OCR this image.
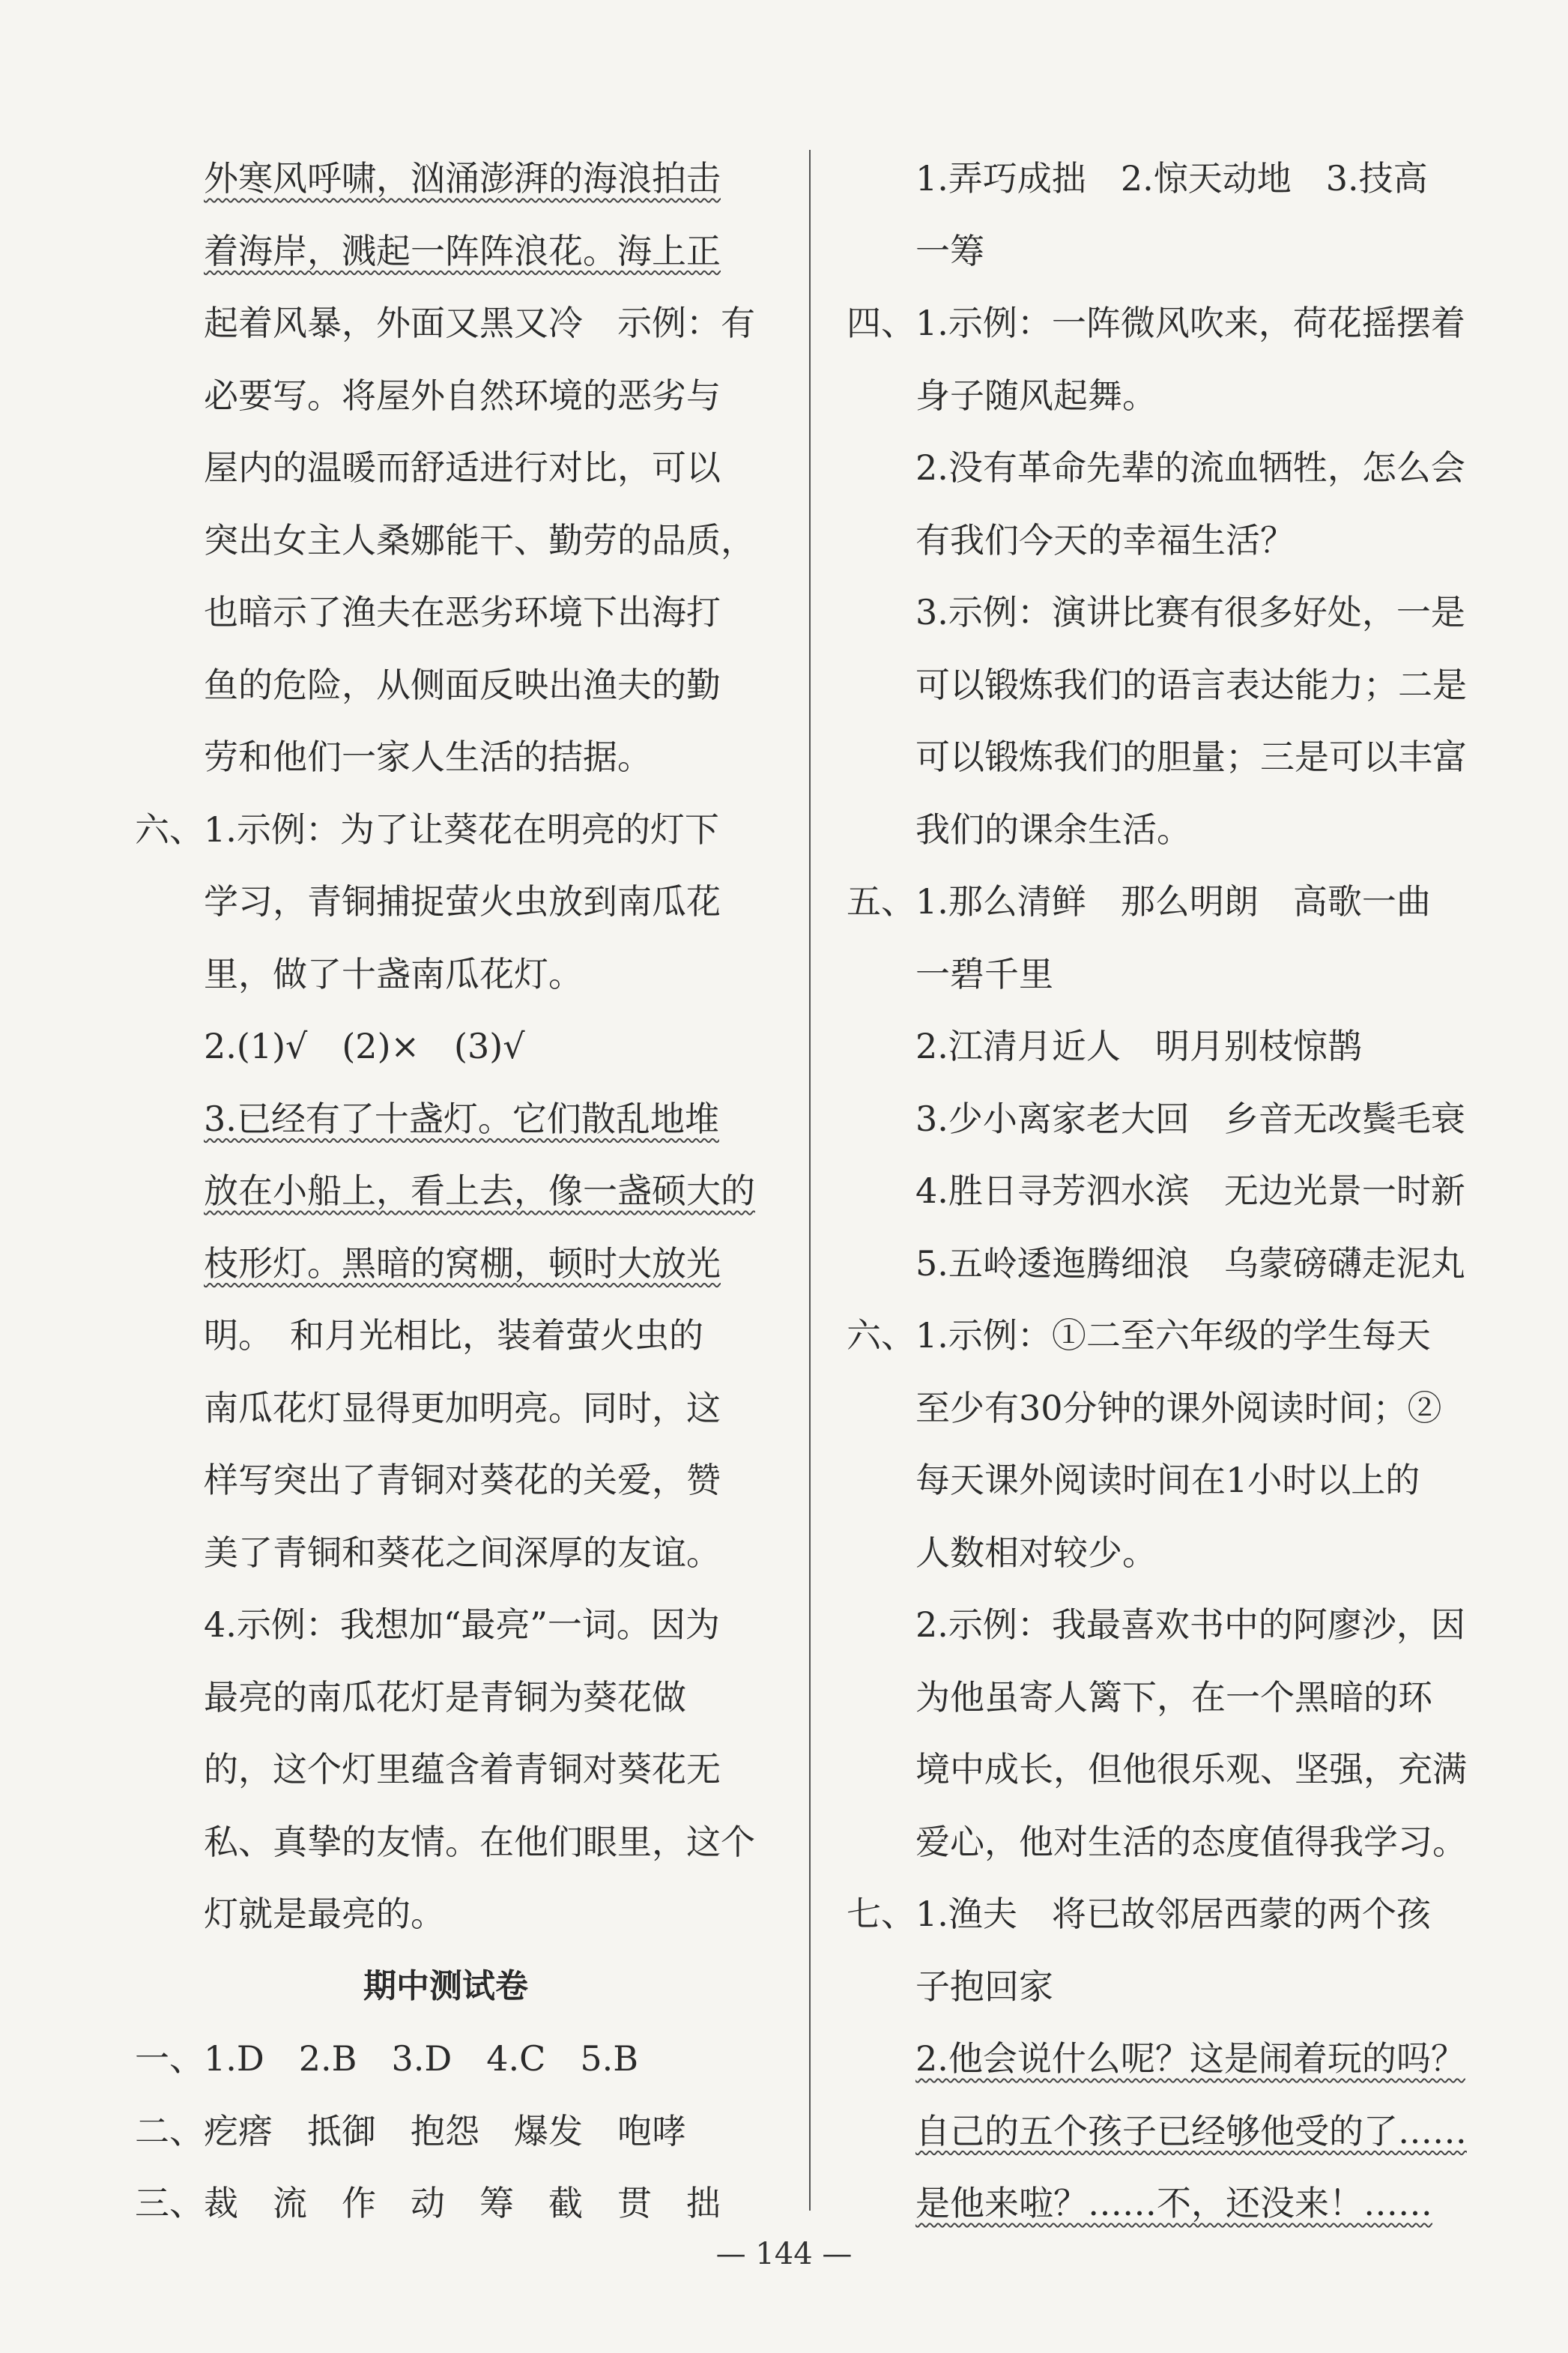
外寒风呼啸，汹涌澎湃的海浪拍击
着海岸，溅起一阵阵浪花。海上正
起着风暴，外面又黑又冷　示例：有
必要写。将屋外自然环境的恶劣与
屋内的温暖而舒适进行对比，可以
突出女主人桑娜能干、勤劳的品质，
也暗示了渔夫在恶劣环境下出海打
鱼的危险，从侧面反映出渔夫的勤
劳和他们一家人生活的拮据。
六、1.示例：为了让葵花在明亮的灯下
学习，青铜捕捉萤火虫放到南瓜花
里，做了十盏南瓜花灯。
2.(1)√　(2)×　(3)√
3.已经有了十盏灯。它们散乱地堆
放在小船上，看上去，像一盏硕大的
枝形灯。黑暗的窝棚，顿时大放光
明。　和月光相比，装着萤火虫的
南瓜花灯显得更加明亮。同时，这
样写突出了青铜对葵花的关爱，赞
美了青铜和葵花之间深厚的友谊。
4.示例：我想加“最亮”一词。因为
最亮的南瓜花灯是青铜为葵花做
的，这个灯里蕴含着青铜对葵花无
私、真挚的友情。在他们眼里，这个
灯就是最亮的。
期中测试卷
一、1.D　2.B　3.D　4.C　5.B
二、疙瘩　抵御　抱怨　爆发　咆哮
三、裁　流　作　动　筹　截　贯　拙
1.弄巧成拙　2.惊天动地　3.技高
一筹
四、1.示例：一阵微风吹来，荷花摇摆着
身子随风起舞。
2.没有革命先辈的流血牺牲，怎么会
有我们今天的幸福生活？
3.示例：演讲比赛有很多好处，一是
可以锻炼我们的语言表达能力；二是
可以锻炼我们的胆量；三是可以丰富
我们的课余生活。
五、1.那么清鲜　那么明朗　高歌一曲
一碧千里
2.江清月近人　明月别枝惊鹊
3.少小离家老大回　乡音无改鬓毛衰
4.胜日寻芳泗水滨　无边光景一时新
5.五岭逶迤腾细浪　乌蒙磅礴走泥丸
六、1.示例：①二至六年级的学生每天
至少有30分钟的课外阅读时间；②
每天课外阅读时间在1小时以上的
人数相对较少。
2.示例：我最喜欢书中的阿廖沙，因
为他虽寄人篱下，在一个黑暗的环
境中成长，但他很乐观、坚强，充满
爱心，他对生活的态度值得我学习。
七、1.渔夫　将已故邻居西蒙的两个孩
子抱回家
2.他会说什么呢？这是闹着玩的吗？
自己的五个孩子已经够他受的了……
是他来啦？……不，还没来！……
— 144 —
